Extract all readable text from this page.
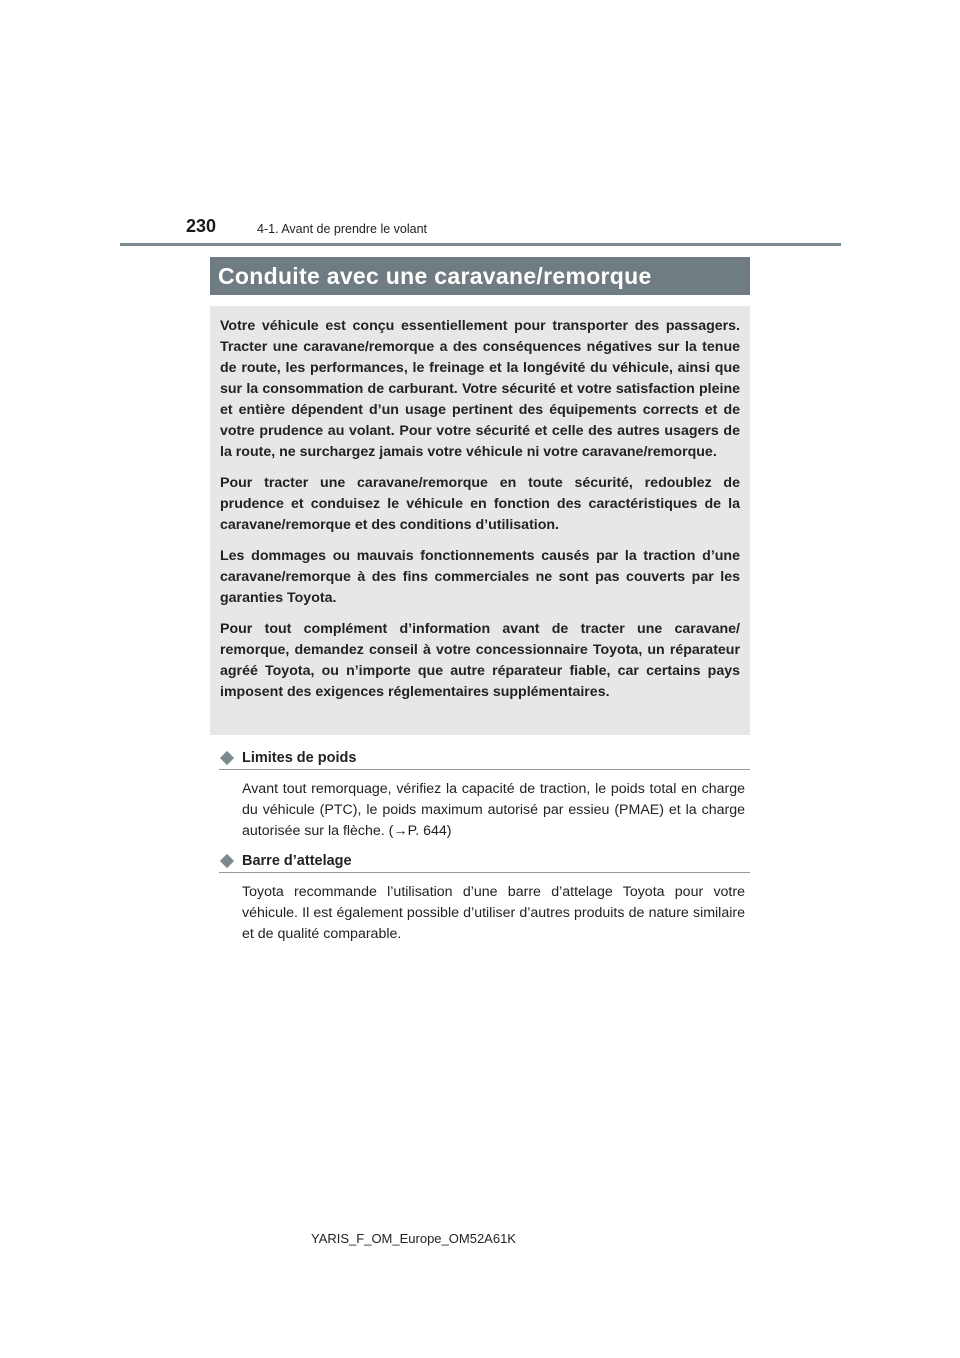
230	4-1. Avant de prendre le volant
Conduite avec une caravane/remorque

Votre véhicule est conçu essentiellement pour transporter des passagers. Tracter une caravane/remorque a des conséquences négatives sur la tenue de route, les performances, le freinage et la longévité du véhicule, ainsi que sur la consommation de carburant. Votre sécurité et votre satisfaction pleine et entière dépendent d’un usage pertinent des équipements corrects et de votre prudence au volant. Pour votre sécurité et celle des autres usagers de la route, ne surchargez jamais votre véhicule ni votre caravane/remorque.

Pour tracter une caravane/remorque en toute sécurité, redoublez de prudence et conduisez le véhicule en fonction des caractéristiques de la caravane/remorque et des conditions d’utilisation.

Les dommages ou mauvais fonctionnements causés par la traction d’une caravane/remorque à des fins commerciales ne sont pas couverts par les garanties Toyota.

Pour tout complément d’information avant de tracter une caravane/ remorque, demandez conseil à votre concessionnaire Toyota, un réparateur agréé Toyota, ou n’importe que autre réparateur fiable, car certains pays imposent des exigences réglementaires supplémentaires.

Limites de poids

Avant tout remorquage, vérifiez la capacité de traction, le poids total en charge du véhicule (PTC), le poids maximum autorisé par essieu (PMAE) et la charge autorisée sur la flèche. (→P. 644)

Barre d’attelage

Toyota recommande l’utilisation d’une barre d’attelage Toyota pour votre véhicule. Il est également possible d’utiliser d’autres produits de nature similaire et de qualité comparable.

YARIS_F_OM_Europe_OM52A61K
